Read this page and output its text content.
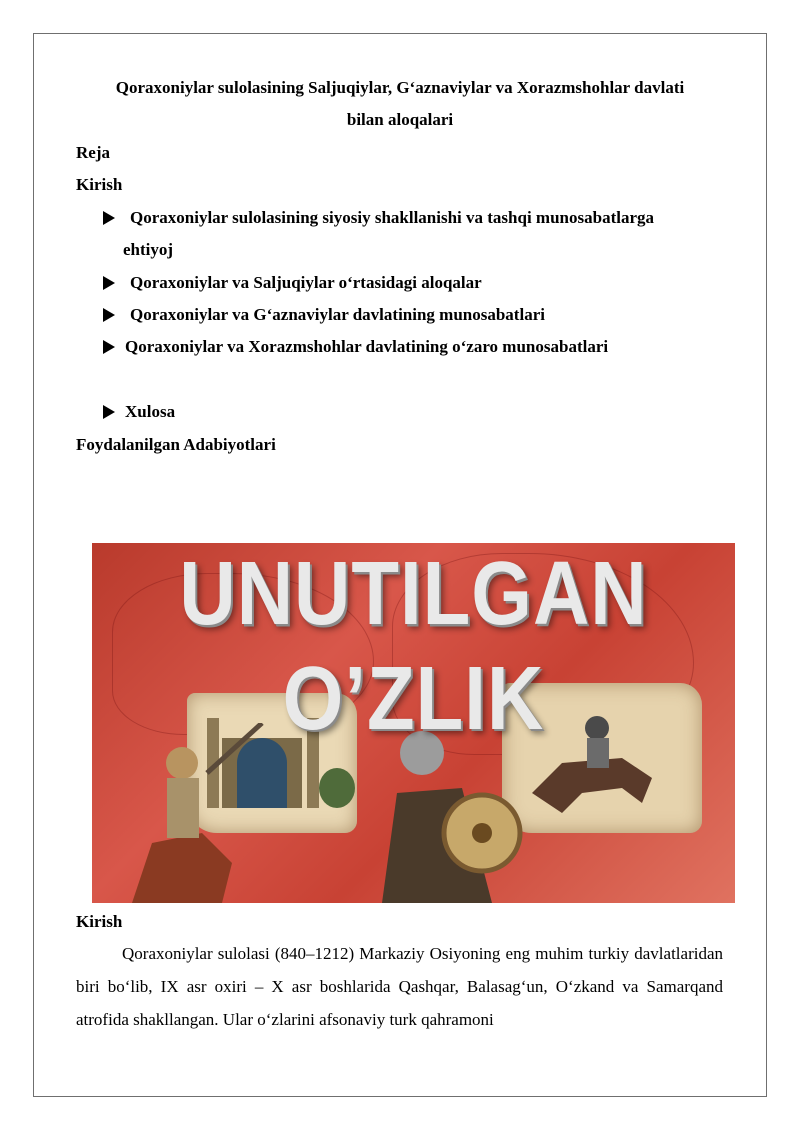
Qoraxoniylar sulolasining Saljuqiylar, G‘aznaviylar va Xorazmshohlar davlati
bilan aloqalari
Reja
Kirish
Qoraxoniylar sulolasining siyosiy shakllanishi va tashqi munosabatlarga
ehtiyoj
Qoraxoniylar va Saljuqiylar o‘rtasidagi aloqalar
Qoraxoniylar va G‘aznaviylar davlatining munosabatlari
Qoraxoniylar va Xorazmshohlar davlatining o‘zaro munosabatlari
Xulosa
Foydalanilgan Adabiyotlari
UNUTILGAN O’ZLIK
Kirish

Qoraxoniylar sulolasi (840–1212) Markaziy Osiyoning eng muhim turkiy davlatlaridan biri bo‘lib, IX asr oxiri – X asr boshlarida Qashqar, Balasag‘un, O‘zkand va Samarqand atrofida shakllangan. Ular o‘zlarini afsonaviy turk qahramoni
